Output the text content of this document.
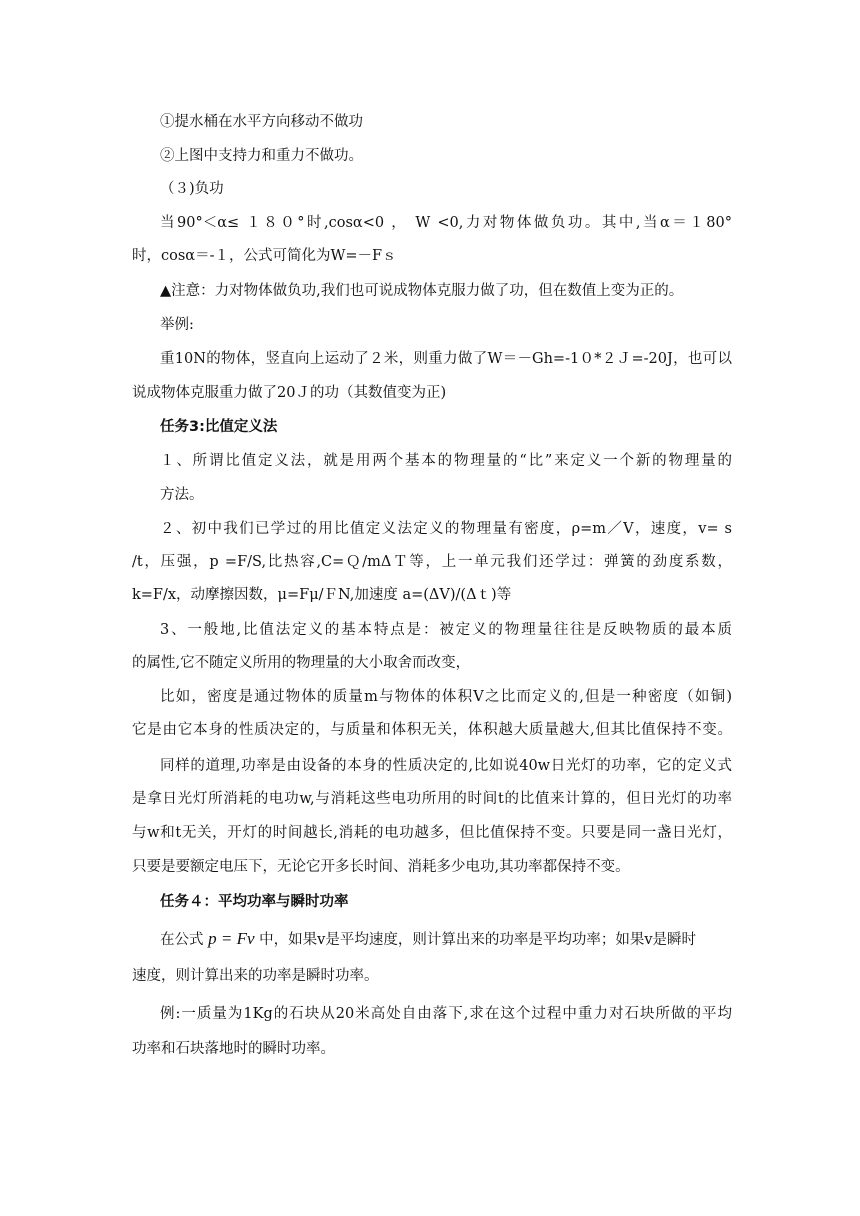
①提水桶在水平方向移动不做功
②上图中支持力和重力不做功。
（３)负功
当90°＜α≤ １８０°时,cosα<0 ， W <0,力对物体做负功。其中,当α＝１80°
时，cosα＝-１，公式可简化为W=－Fｓ
▲注意：力对物体做负功,我们也可说成物体克服力做了功，但在数值上变为正的。
举例:
重10N的物体，竖直向上运动了２米，则重力做了W＝－Gh=-1０*２Ｊ=-20J，也可以
说成物体克服重力做了20Ｊ的功（其数值变为正)
任务3:比值定义法
１、所谓比值定义法，就是用两个基本的物理量的“比”来定义一个新的物理量的
方法。
２、初中我们已学过的用比值定义法定义的物理量有密度，ρ=m／V，速度，v= s
/t，压强，p =F/S,比热容,C=Ｑ/mΔＴ等，上一单元我们还学过：弹簧的劲度系数，
k=F/x，动摩擦因数，μ=Fμ/ＦN,加速度 a=(ΔV)/(Δｔ)等
3、一般地,比值法定义的基本特点是：被定义的物理量往往是反映物质的最本质
的属性,它不随定义所用的物理量的大小取舍而改变，
比如，密度是通过物体的质量m与物体的体积V之比而定义的,但是一种密度（如铜)
它是由它本身的性质决定的，与质量和体积无关，体积越大质量越大,但其比值保持不变。
同样的道理,功率是由设备的本身的性质决定的,比如说40w日光灯的功率，它的定义式
是拿日光灯所消耗的电功w,与消耗这些电功所用的时间t的比值来计算的，但日光灯的功率
与w和t无关，开灯的时间越长,消耗的电功越多，但比值保持不变。只要是同一盏日光灯，
只要是要额定电压下，无论它开多长时间、消耗多少电功,其功率都保持不变。
任务４：平均功率与瞬时功率
在公式 p = Fv 中，如果v是平均速度，则计算出来的功率是平均功率；如果v是瞬时
速度，则计算出来的功率是瞬时功率。
例:一质量为1Kg的石块从20米高处自由落下,求在这个过程中重力对石块所做的平均
功率和石块落地时的瞬时功率。
